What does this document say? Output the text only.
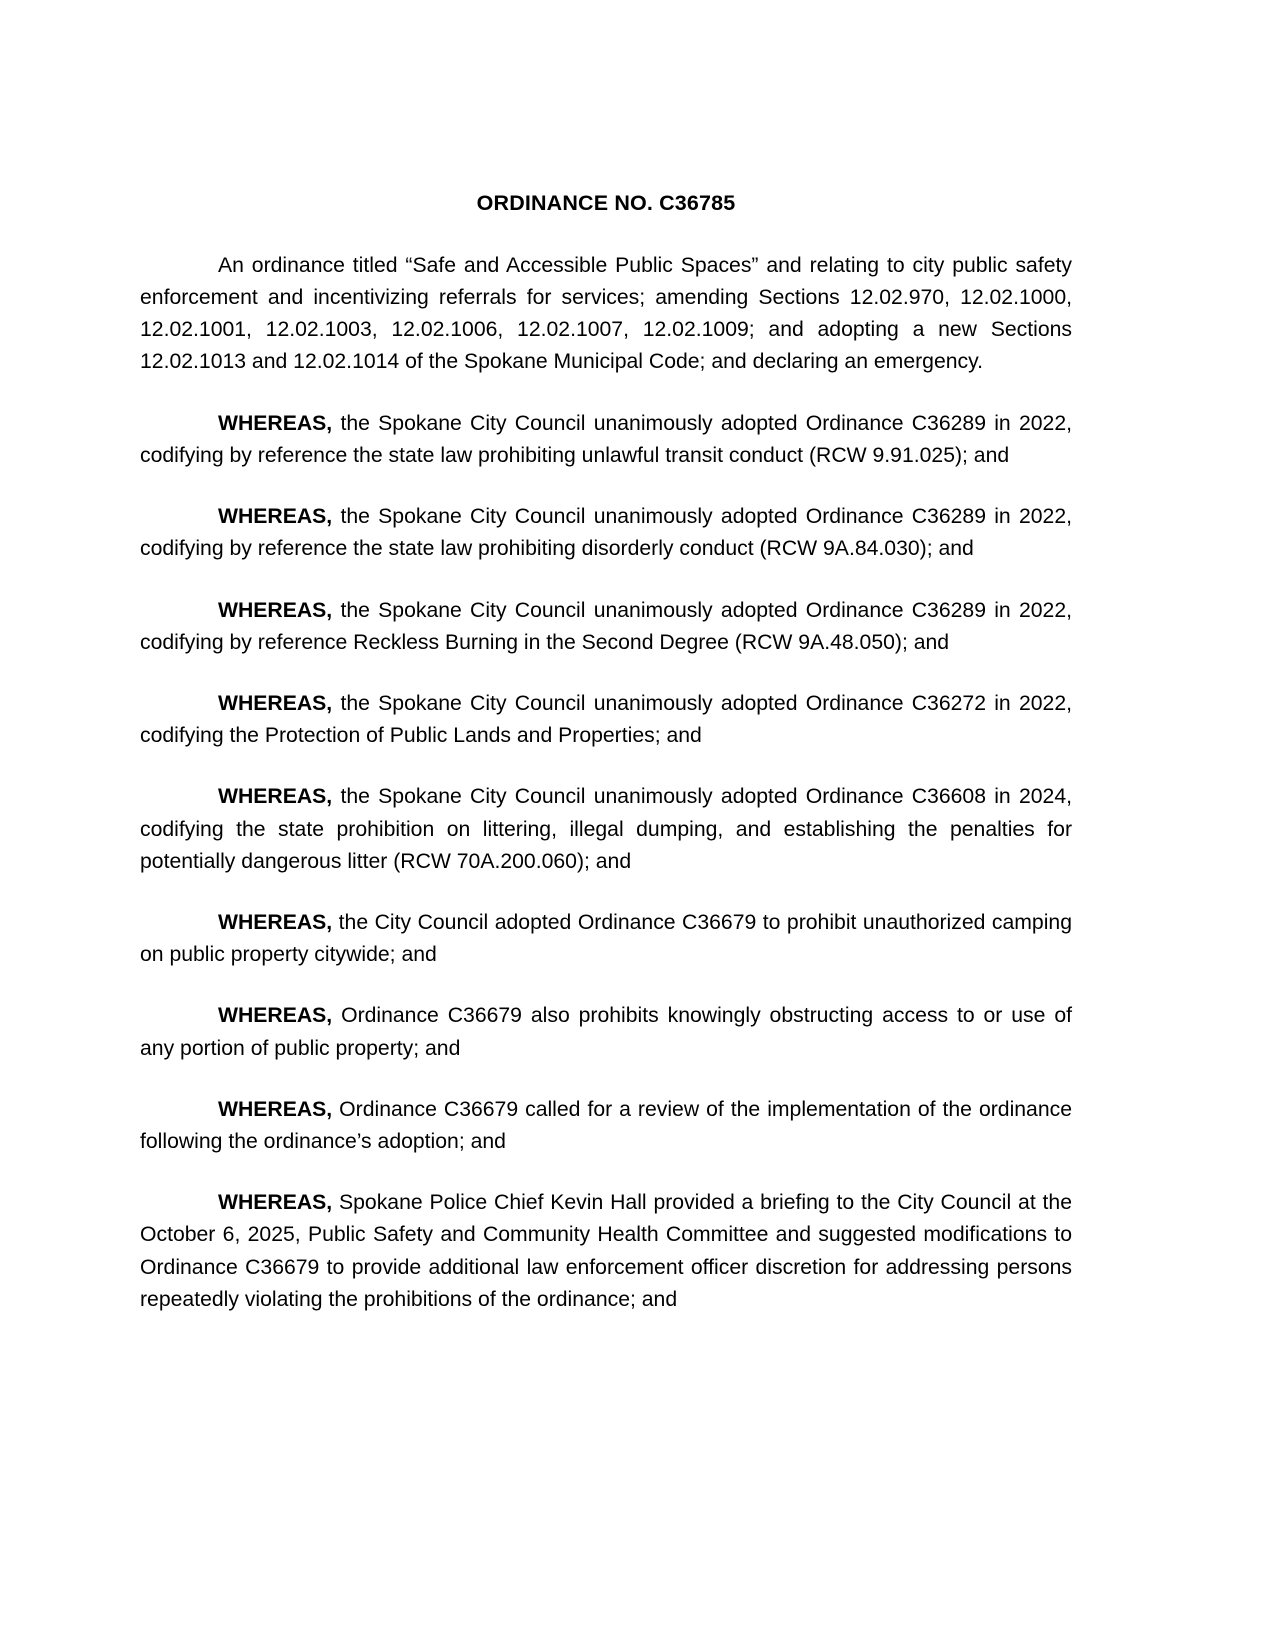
ORDINANCE NO. C36785

An ordinance titled “Safe and Accessible Public Spaces” and relating to city public safety enforcement and incentivizing referrals for services; amending Sections 12.02.970, 12.02.1000, 12.02.1001, 12.02.1003, 12.02.1006, 12.02.1007, 12.02.1009; and adopting a new Sections 12.02.1013 and 12.02.1014 of the Spokane Municipal Code; and declaring an emergency.

WHEREAS, the Spokane City Council unanimously adopted Ordinance C36289 in 2022, codifying by reference the state law prohibiting unlawful transit conduct (RCW 9.91.025); and

WHEREAS, the Spokane City Council unanimously adopted Ordinance C36289 in 2022, codifying by reference the state law prohibiting disorderly conduct (RCW 9A.84.030); and

WHEREAS, the Spokane City Council unanimously adopted Ordinance C36289 in 2022, codifying by reference Reckless Burning in the Second Degree (RCW 9A.48.050); and

WHEREAS, the Spokane City Council unanimously adopted Ordinance C36272 in 2022, codifying the Protection of Public Lands and Properties; and

WHEREAS, the Spokane City Council unanimously adopted Ordinance C36608 in 2024, codifying the state prohibition on littering, illegal dumping, and establishing the penalties for potentially dangerous litter (RCW 70A.200.060); and

WHEREAS, the City Council adopted Ordinance C36679 to prohibit unauthorized camping on public property citywide; and

WHEREAS, Ordinance C36679 also prohibits knowingly obstructing access to or use of any portion of public property; and

WHEREAS, Ordinance C36679 called for a review of the implementation of the ordinance following the ordinance’s adoption; and

WHEREAS, Spokane Police Chief Kevin Hall provided a briefing to the City Council at the October 6, 2025, Public Safety and Community Health Committee and suggested modifications to Ordinance C36679 to provide additional law enforcement officer discretion for addressing persons repeatedly violating the prohibitions of the ordinance; and
